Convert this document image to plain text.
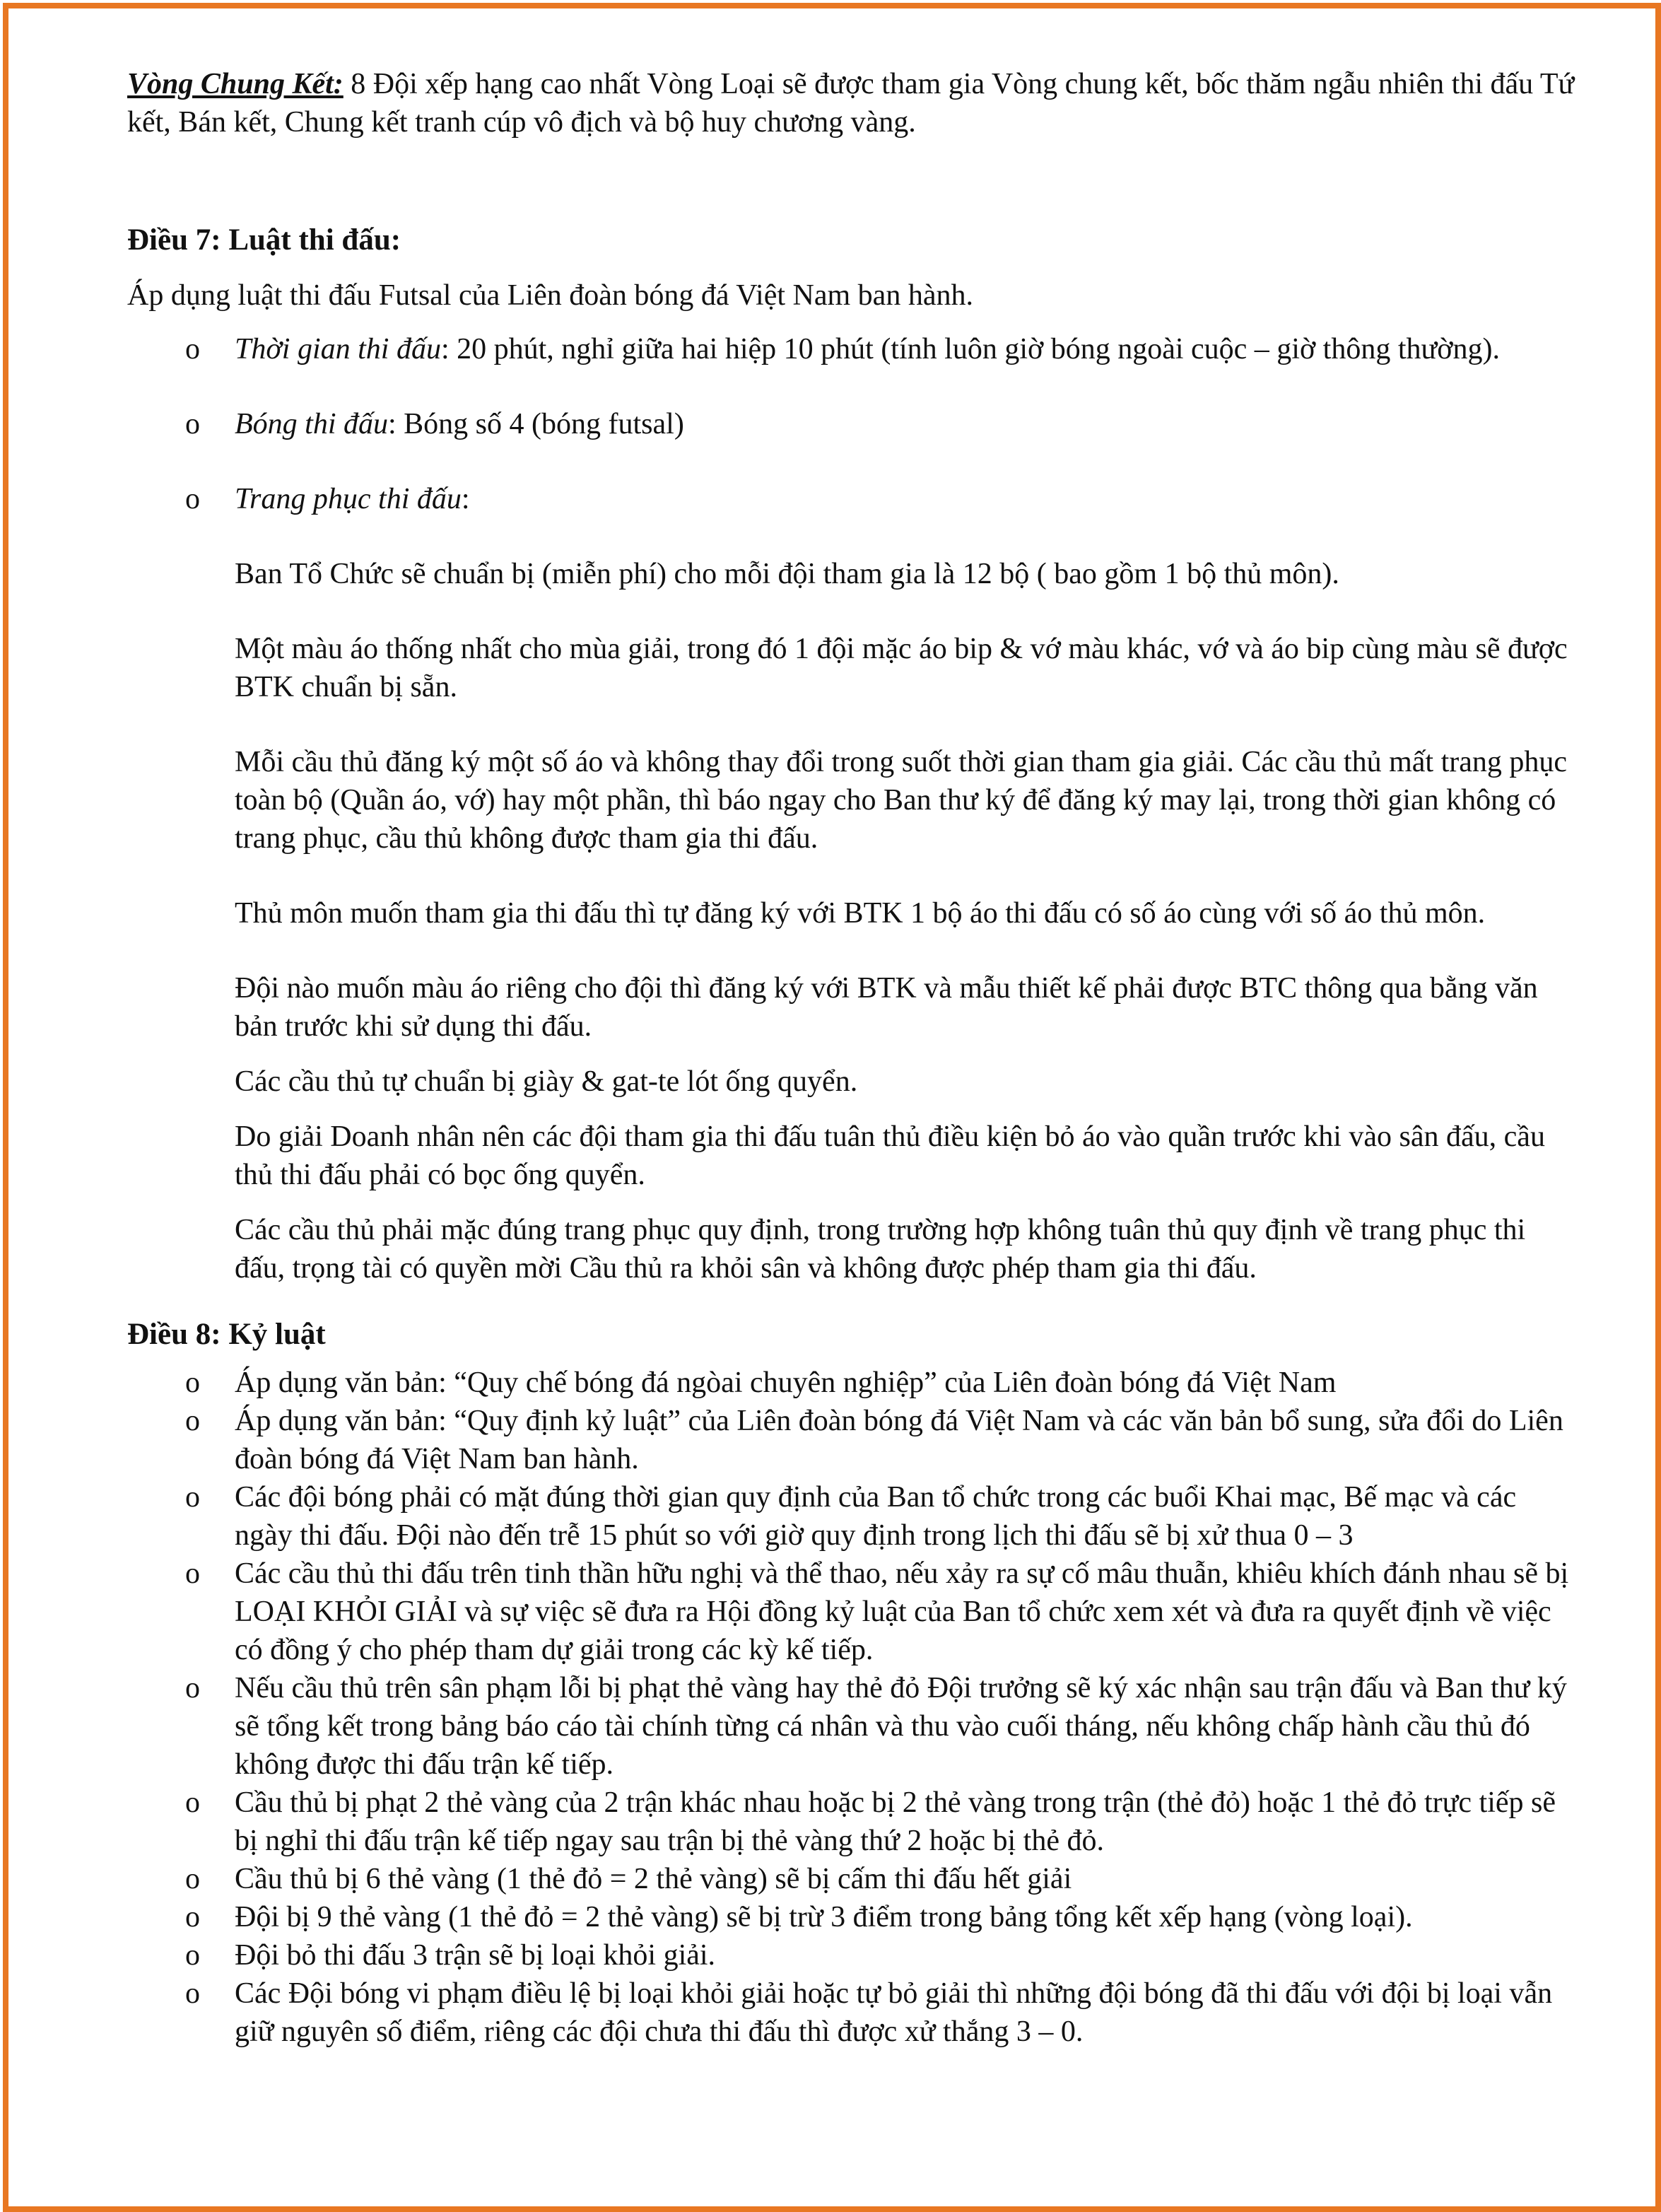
Vòng Chung Kết: 8 Đội xếp hạng cao nhất Vòng Loại sẽ được tham gia Vòng chung kết, bốc thăm ngẫu nhiên thi đấu Tứ kết, Bán kết, Chung kết tranh cúp vô địch và bộ huy chương vàng.

Điều 7: Luật thi đấu:

Áp dụng luật thi đấu Futsal của Liên đoàn bóng đá Việt Nam ban hành.

o	Thời gian thi đấu: 20 phút, nghỉ giữa hai hiệp 10 phút (tính luôn giờ bóng ngoài cuộc – giờ thông thường).
o	Bóng thi đấu: Bóng số 4 (bóng futsal)
o	Trang phục thi đấu:

Ban Tổ Chức sẽ chuẩn bị (miễn phí) cho mỗi đội tham gia là 12 bộ ( bao gồm 1 bộ thủ môn).

Một màu áo thống nhất cho mùa giải, trong đó 1 đội mặc áo bip & vớ màu khác, vớ và áo bip cùng màu sẽ được BTK chuẩn bị sẵn.

Mỗi cầu thủ đăng ký một số áo và không thay đổi trong suốt thời gian tham gia giải. Các cầu thủ mất trang phục toàn bộ (Quần áo, vớ) hay một phần, thì báo ngay cho Ban thư ký để đăng ký may lại, trong thời gian không có trang phục, cầu thủ không được tham gia thi đấu.

Thủ môn muốn tham gia thi đấu thì tự đăng ký với BTK 1 bộ áo thi đấu có số áo cùng với số áo thủ môn.

Đội nào muốn màu áo riêng cho đội thì đăng ký với BTK và mẫu thiết kế phải được BTC thông qua bằng văn bản trước khi sử dụng thi đấu.

Các cầu thủ tự chuẩn bị giày & gat-te lót ống quyển.

Do giải Doanh nhân nên các đội tham gia thi đấu tuân thủ điều kiện bỏ áo vào quần trước khi vào sân đấu, cầu thủ thi đấu phải có bọc ống quyển.

Các cầu thủ phải mặc đúng trang phục quy định, trong trường hợp không tuân thủ quy định về trang phục thi đấu, trọng tài có quyền mời Cầu thủ ra khỏi sân và không được phép tham gia thi đấu.

Điều 8: Kỷ luật

o	Áp dụng văn bản: “Quy chế bóng đá ngòai chuyên nghiệp” của Liên đoàn bóng đá Việt Nam
o	Áp dụng văn bản: “Quy định kỷ luật” của Liên đoàn bóng đá Việt Nam và các văn bản bổ sung, sửa đổi do Liên đoàn bóng đá Việt Nam ban hành.
o	Các đội bóng phải có mặt đúng thời gian quy định của Ban tổ chức trong các buổi Khai mạc, Bế mạc và các ngày thi đấu. Đội nào đến trễ 15 phút so với giờ quy định trong lịch thi đấu sẽ bị xử thua 0 – 3
o	Các cầu thủ thi đấu trên tinh thần hữu nghị và thể thao, nếu xảy ra sự cố mâu thuẫn, khiêu khích đánh nhau sẽ bị LOẠI KHỎI GIẢI và sự việc sẽ đưa ra Hội đồng kỷ luật của Ban tổ chức xem xét và đưa ra quyết định về việc có đồng ý cho phép tham dự giải trong các kỳ kế tiếp.
o	Nếu cầu thủ trên sân phạm lỗi bị phạt thẻ vàng hay thẻ đỏ Đội trưởng sẽ ký xác nhận sau trận đấu và Ban thư ký sẽ tổng kết trong bảng báo cáo tài chính từng cá nhân và thu vào cuối tháng, nếu không chấp hành cầu thủ đó không được thi đấu trận kế tiếp.
o	Cầu thủ bị phạt 2 thẻ vàng của 2 trận khác nhau hoặc bị 2 thẻ vàng trong trận (thẻ đỏ) hoặc 1 thẻ đỏ trực tiếp sẽ bị nghỉ thi đấu trận kế tiếp ngay sau trận bị thẻ vàng thứ 2 hoặc bị thẻ đỏ.
o	Cầu thủ bị 6 thẻ vàng (1 thẻ đỏ = 2 thẻ vàng) sẽ bị cấm thi đấu hết giải
o	Đội bị 9 thẻ vàng (1 thẻ đỏ = 2 thẻ vàng) sẽ bị trừ 3 điểm trong bảng tổng kết xếp hạng (vòng loại).
o	Đội bỏ thi đấu 3 trận sẽ bị loại khỏi giải.
o	Các Đội bóng vi phạm điều lệ bị loại khỏi giải hoặc tự bỏ giải thì những đội bóng đã thi đấu với đội bị loại vẫn giữ nguyên số điểm, riêng các đội chưa thi đấu thì được xử thắng 3 – 0.
